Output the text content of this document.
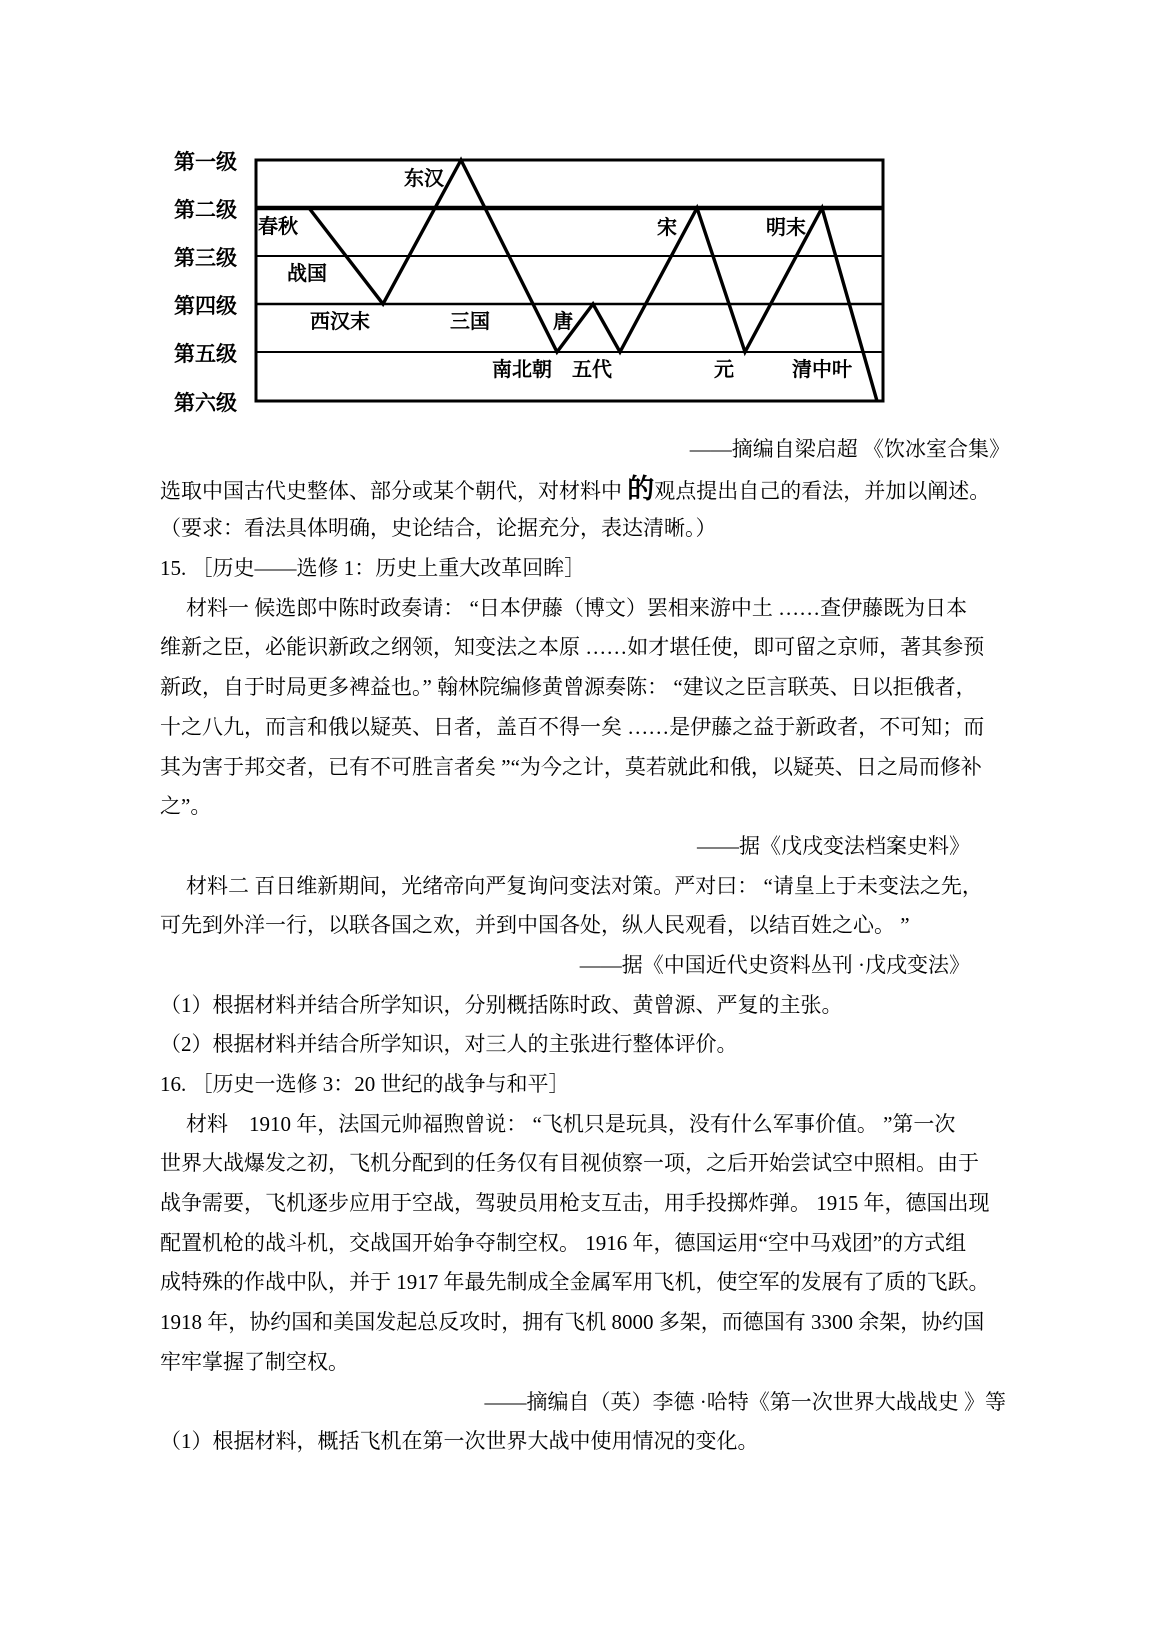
第一级
第二级
第三级
第四级
第五级
第六级
春秋
战国
西汉末
东汉
三国	唐
南北朝 五代
宋
元
明末
清中叶
——摘编自梁启超 《饮冰室合集》
选取中国古代史整体、部分或某个朝代，对材料中 的观点提出自己的看法，并加以阐述。
（要求：看法具体明确，史论结合，论据充分，表达清晰。）
15. ［历史——选修 1：历史上重大改革回眸］
材料一 候选郎中陈时政奏请： “日本伊藤（博文）罢相来游中土 ……查伊藤既为日本
维新之臣，必能识新政之纲领，知变法之本原 ……如才堪任使，即可留之京师，著其参预
新政，自于时局更多裨益也。” 翰林院编修黄曾源奏陈： “建议之臣言联英、日以拒俄者，
十之八九，而言和俄以疑英、日者，盖百不得一矣 ……是伊藤之益于新政者，不可知；而
其为害于邦交者，已有不可胜言者矣 ”“为今之计，莫若就此和俄，以疑英、日之局而修补
之”。
——据《戊戌变法档案史料》
材料二 百日维新期间，光绪帝向严复询问变法对策。严对曰： “请皇上于未变法之先，
可先到外洋一行，以联各国之欢，并到中国各处，纵人民观看，以结百姓之心。 ”
——据《中国近代史资料丛刊 ·戊戌变法》
（1）根据材料并结合所学知识，分别概括陈时政、黄曾源、严复的主张。
（2）根据材料并结合所学知识，对三人的主张进行整体评价。
16. ［历史一选修 3：20 世纪的战争与和平］
材料　1910 年，法国元帅福煦曾说： “飞机只是玩具，没有什么军事价值。 ”第一次
世界大战爆发之初，飞机分配到的任务仅有目视侦察一项，之后开始尝试空中照相。由于
战争需要，飞机逐步应用于空战，驾驶员用枪支互击，用手投掷炸弹。 1915 年，德国出现
配置机枪的战斗机，交战国开始争夺制空权。 1916 年，德国运用“空中马戏团”的方式组
成特殊的作战中队，并于 1917 年最先制成全金属军用飞机，使空军的发展有了质的飞跃。
1918 年，协约国和美国发起总反攻时，拥有飞机 8000 多架，而德国有 3300 余架，协约国
牢牢掌握了制空权。
——摘编自（英）李德 ·哈特《第一次世界大战战史 》等
（1）根据材料，概括飞机在第一次世界大战中使用情况的变化。
